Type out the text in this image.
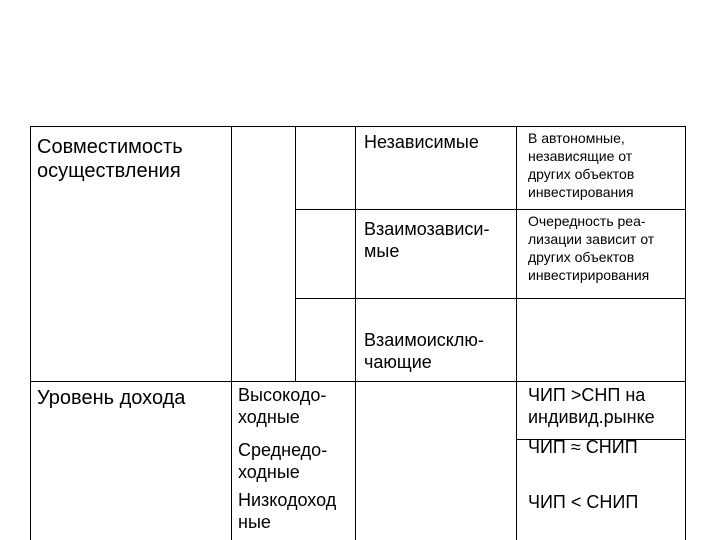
Совместимость
осуществления
Независимые	В автономные,
независящие от
других объектов
инвестирования
Взаимозависи-
мые
Очередность реа-
лизации зависит от
других объектов
инвестирирования
Взаимоисклю-
чающие
Уровень дохода	Высокодо-
ходные
ЧИП >СНП на
индивид.рынке
Среднедо-
ходные
ЧИП ≈ СНИП
Низкодоход
ные
ЧИП < СНИП
